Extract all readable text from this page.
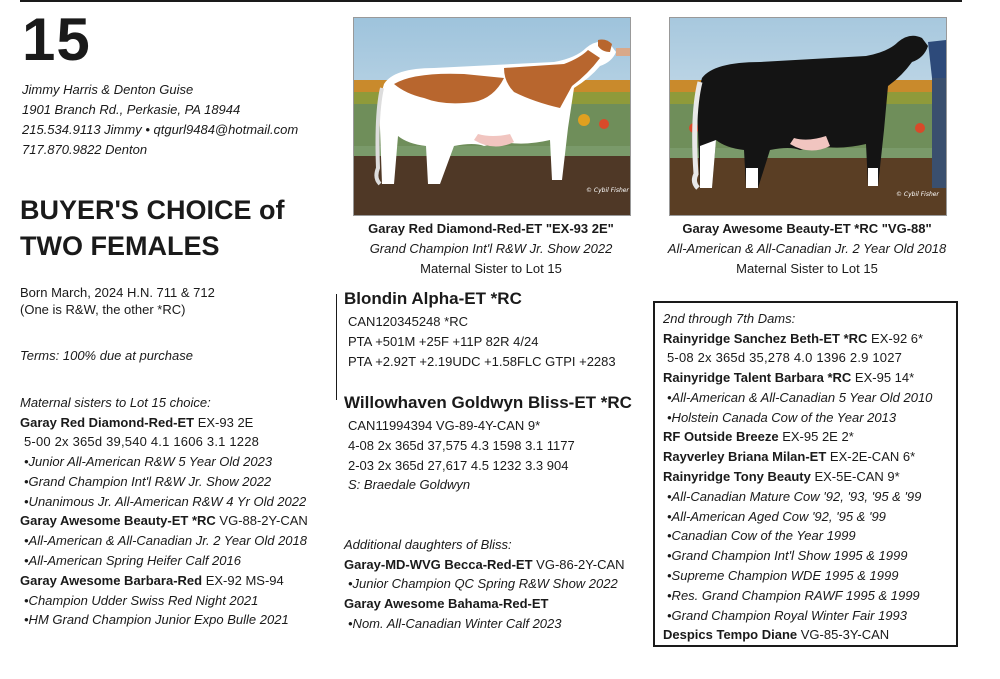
15
Jimmy Harris & Denton Guise
1901 Branch Rd., Perkasie, PA 18944
215.534.9113 Jimmy • qtgurl9484@hotmail.com
717.870.9822 Denton
BUYER'S CHOICE of
TWO FEMALES
Born March, 2024 H.N. 711 & 712
(One is R&W, the other *RC)
Terms: 100% due at purchase
Maternal sisters to Lot 15 choice:
Garay Red Diamond-Red-ET EX-93 2E
5-00 2x 365d 39,540 4.1 1606 3.1 1228
•Junior All-American R&W 5 Year Old 2023
•Grand Champion Int'l R&W Jr. Show 2022
•Unanimous Jr. All-American R&W 4 Yr Old 2022
Garay Awesome Beauty-ET *RC VG-88-2Y-CAN
•All-American & All-Canadian Jr. 2 Year Old 2018
•All-American Spring Heifer Calf 2016
Garay Awesome Barbara-Red EX-92 MS-94
•Champion Udder Swiss Red Night 2021
•HM Grand Champion Junior Expo Bulle 2021
© Cybil Fisher
Garay Red Diamond-Red-ET "EX-93 2E"
Grand Champion Int'l R&W Jr. Show 2022
Maternal Sister to Lot 15
© Cybil Fisher
Garay Awesome Beauty-ET *RC "VG-88"
All-American & All-Canadian Jr. 2 Year Old 2018
Maternal Sister to Lot 15
Blondin Alpha-ET *RC
CAN120345248 *RC
PTA +501M +25F +11P 82R 4/24
PTA +2.92T +2.19UDC +1.58FLC GTPI +2283
Willowhaven Goldwyn Bliss-ET *RC
CAN11994394 VG-89-4Y-CAN 9*
4-08 2x 365d 37,575 4.3 1598 3.1 1177
2-03 2x 365d 27,617 4.5 1232 3.3 904
S: Braedale Goldwyn
Additional daughters of Bliss:
Garay-MD-WVG Becca-Red-ET VG-86-2Y-CAN
•Junior Champion QC Spring R&W Show 2022
Garay Awesome Bahama-Red-ET
•Nom. All-Canadian Winter Calf 2023
2nd through 7th Dams:
Rainyridge Sanchez Beth-ET *RC EX-92 6*
5-08 2x 365d 35,278 4.0 1396 2.9 1027
Rainyridge Talent Barbara *RC EX-95 14*
•All-American & All-Canadian 5 Year Old 2010
•Holstein Canada Cow of the Year 2013
RF Outside Breeze EX-95 2E 2*
Rayverley Briana Milan-ET EX-2E-CAN 6*
Rainyridge Tony Beauty EX-5E-CAN 9*
•All-Canadian Mature Cow '92, '93, '95 & '99
•All-American Aged Cow '92, '95 & '99
•Canadian Cow of the Year 1999
•Grand Champion Int'l Show 1995 & 1999
•Supreme Champion WDE 1995 & 1999
•Res. Grand Champion RAWF 1995 & 1999
•Grand Champion Royal Winter Fair 1993
Despics Tempo Diane VG-85-3Y-CAN
